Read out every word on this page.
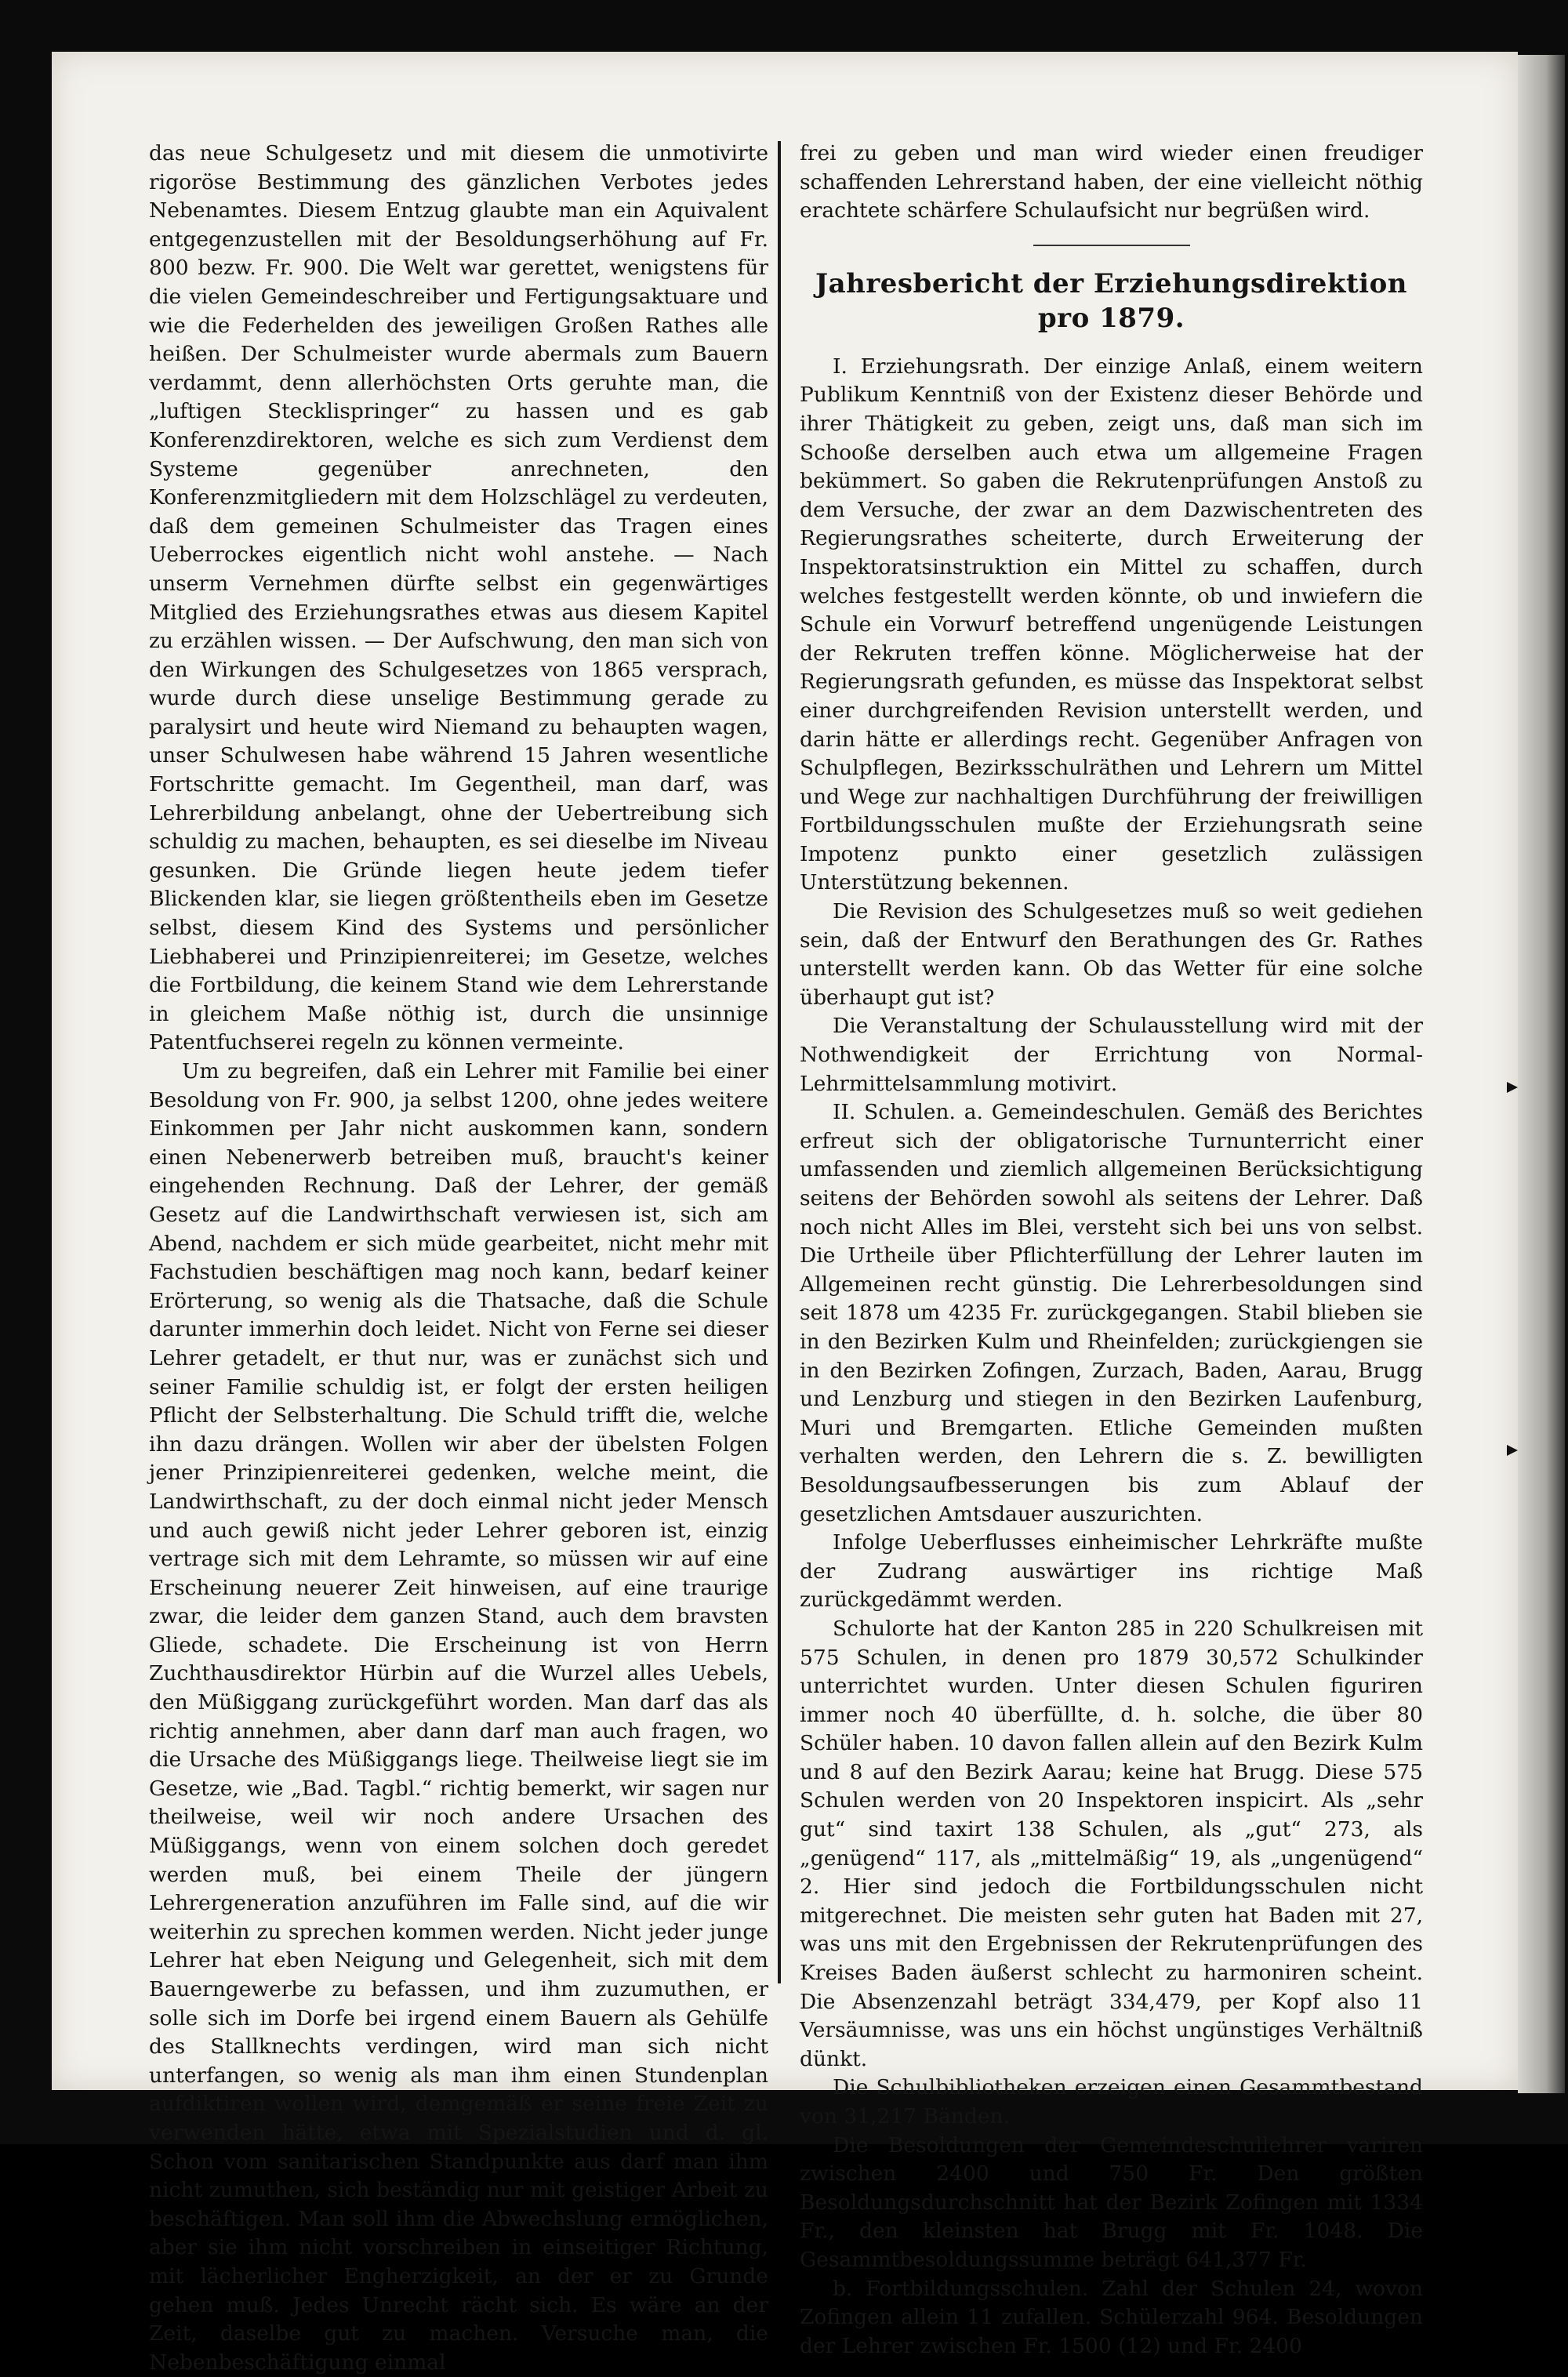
das neue Schulgesetz und mit diesem die unmotivirte rigoröse Bestimmung des gänzlichen Verbotes jedes Nebenamtes. Diesem Entzug glaubte man ein Aquivalent entgegenzustellen mit der Besoldungserhöhung auf Fr. 800 bezw. Fr. 900. Die Welt war gerettet, wenigstens für die vielen Gemeindeschreiber und Fertigungsaktuare und wie die Federhelden des jeweiligen Großen Rathes alle heißen. Der Schulmeister wurde abermals zum Bauern verdammt, denn allerhöchsten Orts geruhte man, die „luftigen Stecklispringer“ zu hassen und es gab Konferenzdirektoren, welche es sich zum Verdienst dem Systeme gegenüber anrechneten, den Konferenzmitgliedern mit dem Holzschlägel zu verdeuten, daß dem gemeinen Schulmeister das Tragen eines Ueberrockes eigentlich nicht wohl anstehe. — Nach unserm Vernehmen dürfte selbst ein gegenwärtiges Mitglied des Erziehungsrathes etwas aus diesem Kapitel zu erzählen wissen. — Der Aufschwung, den man sich von den Wirkungen des Schulgesetzes von 1865 versprach, wurde durch diese unselige Bestimmung gerade zu paralysirt und heute wird Niemand zu behaupten wagen, unser Schulwesen habe während 15 Jahren wesentliche Fortschritte gemacht. Im Gegentheil, man darf, was Lehrerbildung anbelangt, ohne der Uebertreibung sich schuldig zu machen, behaupten, es sei dieselbe im Niveau gesunken. Die Gründe liegen heute jedem tiefer Blickenden klar, sie liegen größtentheils eben im Gesetze selbst, diesem Kind des Systems und persönlicher Liebhaberei und Prinzipienreiterei; im Gesetze, welches die Fortbildung, die keinem Stand wie dem Lehrerstande in gleichem Maße nöthig ist, durch die unsinnige Patentfuchserei regeln zu können vermeinte.

Um zu begreifen, daß ein Lehrer mit Familie bei einer Besoldung von Fr. 900, ja selbst 1200, ohne jedes weitere Einkommen per Jahr nicht auskommen kann, sondern einen Nebenerwerb betreiben muß, braucht's keiner eingehenden Rechnung. Daß der Lehrer, der gemäß Gesetz auf die Landwirthschaft verwiesen ist, sich am Abend, nachdem er sich müde gearbeitet, nicht mehr mit Fachstudien beschäftigen mag noch kann, bedarf keiner Erörterung, so wenig als die Thatsache, daß die Schule darunter immerhin doch leidet. Nicht von Ferne sei dieser Lehrer getadelt, er thut nur, was er zunächst sich und seiner Familie schuldig ist, er folgt der ersten heiligen Pflicht der Selbsterhaltung. Die Schuld trifft die, welche ihn dazu drängen. Wollen wir aber der übelsten Folgen jener Prinzipienreiterei gedenken, welche meint, die Landwirthschaft, zu der doch einmal nicht jeder Mensch und auch gewiß nicht jeder Lehrer geboren ist, einzig vertrage sich mit dem Lehramte, so müssen wir auf eine Erscheinung neuerer Zeit hinweisen, auf eine traurige zwar, die leider dem ganzen Stand, auch dem bravsten Gliede, schadete. Die Erscheinung ist von Herrn Zuchthausdirektor Hürbin auf die Wurzel alles Uebels, den Müßiggang zurückgeführt worden. Man darf das als richtig annehmen, aber dann darf man auch fragen, wo die Ursache des Müßiggangs liege. Theilweise liegt sie im Gesetze, wie „Bad. Tagbl.“ richtig bemerkt, wir sagen nur theilweise, weil wir noch andere Ursachen des Müßiggangs, wenn von einem solchen doch geredet werden muß, bei einem Theile der jüngern Lehrergeneration anzuführen im Falle sind, auf die wir weiterhin zu sprechen kommen werden. Nicht jeder junge Lehrer hat eben Neigung und Gelegenheit, sich mit dem Bauerngewerbe zu befassen, und ihm zuzumuthen, er solle sich im Dorfe bei irgend einem Bauern als Gehülfe des Stallknechts verdingen, wird man sich nicht unterfangen, so wenig als man ihm einen Stundenplan aufdiktiren wollen wird, demgemäß er seine freie Zeit zu verwenden hätte, etwa mit Spezialstudien und d. gl. Schon vom sanitarischen Standpunkte aus darf man ihm nicht zumuthen, sich beständig nur mit geistiger Arbeit zu beschäftigen. Man soll ihm die Abwechslung ermöglichen, aber sie ihm nicht vorschreiben in einseitiger Richtung, mit lächerlicher Engherzigkeit, an der er zu Grunde gehen muß. Jedes Unrecht rächt sich. Es wäre an der Zeit, daselbe gut zu machen. Versuche man, die Nebenbeschäftigung einmal

frei zu geben und man wird wieder einen freudiger schaffenden Lehrerstand haben, der eine vielleicht nöthig erachtete schärfere Schulaufsicht nur begrüßen wird.

Jahresbericht der Erziehungsdirektion pro 1879.

I. Erziehungsrath. Der einzige Anlaß, einem weitern Publikum Kenntniß von der Existenz dieser Behörde und ihrer Thätigkeit zu geben, zeigt uns, daß man sich im Schooße derselben auch etwa um allgemeine Fragen bekümmert. So gaben die Rekrutenprüfungen Anstoß zu dem Versuche, der zwar an dem Dazwischentreten des Regierungsrathes scheiterte, durch Erweiterung der Inspektoratsinstruktion ein Mittel zu schaffen, durch welches festgestellt werden könnte, ob und inwiefern die Schule ein Vorwurf betreffend ungenügende Leistungen der Rekruten treffen könne. Möglicherweise hat der Regierungsrath gefunden, es müsse das Inspektorat selbst einer durchgreifenden Revision unterstellt werden, und darin hätte er allerdings recht. Gegenüber Anfragen von Schulpflegen, Bezirksschulräthen und Lehrern um Mittel und Wege zur nachhaltigen Durchführung der freiwilligen Fortbildungsschulen mußte der Erziehungsrath seine Impotenz punkto einer gesetzlich zulässigen Unterstützung bekennen.

Die Revision des Schulgesetzes muß so weit gediehen sein, daß der Entwurf den Berathungen des Gr. Rathes unterstellt werden kann. Ob das Wetter für eine solche überhaupt gut ist?

Die Veranstaltung der Schulausstellung wird mit der Nothwendigkeit der Errichtung von Normal-Lehrmittelsammlung motivirt.

II. Schulen. a. Gemeindeschulen. Gemäß des Berichtes erfreut sich der obligatorische Turnunterricht einer umfassenden und ziemlich allgemeinen Berücksichtigung seitens der Behörden sowohl als seitens der Lehrer. Daß noch nicht Alles im Blei, versteht sich bei uns von selbst. Die Urtheile über Pflichterfüllung der Lehrer lauten im Allgemeinen recht günstig. Die Lehrerbesoldungen sind seit 1878 um 4235 Fr. zurückgegangen. Stabil blieben sie in den Bezirken Kulm und Rheinfelden; zurückgiengen sie in den Bezirken Zofingen, Zurzach, Baden, Aarau, Brugg und Lenzburg und stiegen in den Bezirken Laufenburg, Muri und Bremgarten. Etliche Gemeinden mußten verhalten werden, den Lehrern die s. Z. bewilligten Besoldungsaufbesserungen bis zum Ablauf der gesetzlichen Amtsdauer auszurichten.

Infolge Ueberflusses einheimischer Lehrkräfte mußte der Zudrang auswärtiger ins richtige Maß zurückgedämmt werden.

Schulorte hat der Kanton 285 in 220 Schulkreisen mit 575 Schulen, in denen pro 1879 30,572 Schulkinder unterrichtet wurden. Unter diesen Schulen figuriren immer noch 40 überfüllte, d. h. solche, die über 80 Schüler haben. 10 davon fallen allein auf den Bezirk Kulm und 8 auf den Bezirk Aarau; keine hat Brugg. Diese 575 Schulen werden von 20 Inspektoren inspicirt. Als „sehr gut“ sind taxirt 138 Schulen, als „gut“ 273, als „genügend“ 117, als „mittelmäßig“ 19, als „ungenügend“ 2. Hier sind jedoch die Fortbildungsschulen nicht mitgerechnet. Die meisten sehr guten hat Baden mit 27, was uns mit den Ergebnissen der Rekrutenprüfungen des Kreises Baden äußerst schlecht zu harmoniren scheint. Die Absenzenzahl beträgt 334,479, per Kopf also 11 Versäumnisse, was uns ein höchst ungünstiges Verhältniß dünkt.

Die Schulbibliotheken erzeigen einen Gesammtbestand von 31,217 Bänden.

Die Besoldungen der Gemeindeschullehrer variren zwischen 2400 und 750 Fr. Den größten Besoldungsdurchschnitt hat der Bezirk Zofingen mit 1334 Fr., den kleinsten hat Brugg mit Fr. 1048. Die Gesammtbesoldungssumme beträgt 641,377 Fr.

b. Fortbildungsschulen. Zahl der Schulen 24, wovon Zofingen allein 11 zufallen. Schülerzahl 964. Besoldungen der Lehrer zwischen Fr. 1500 (12) und Fr. 2400
